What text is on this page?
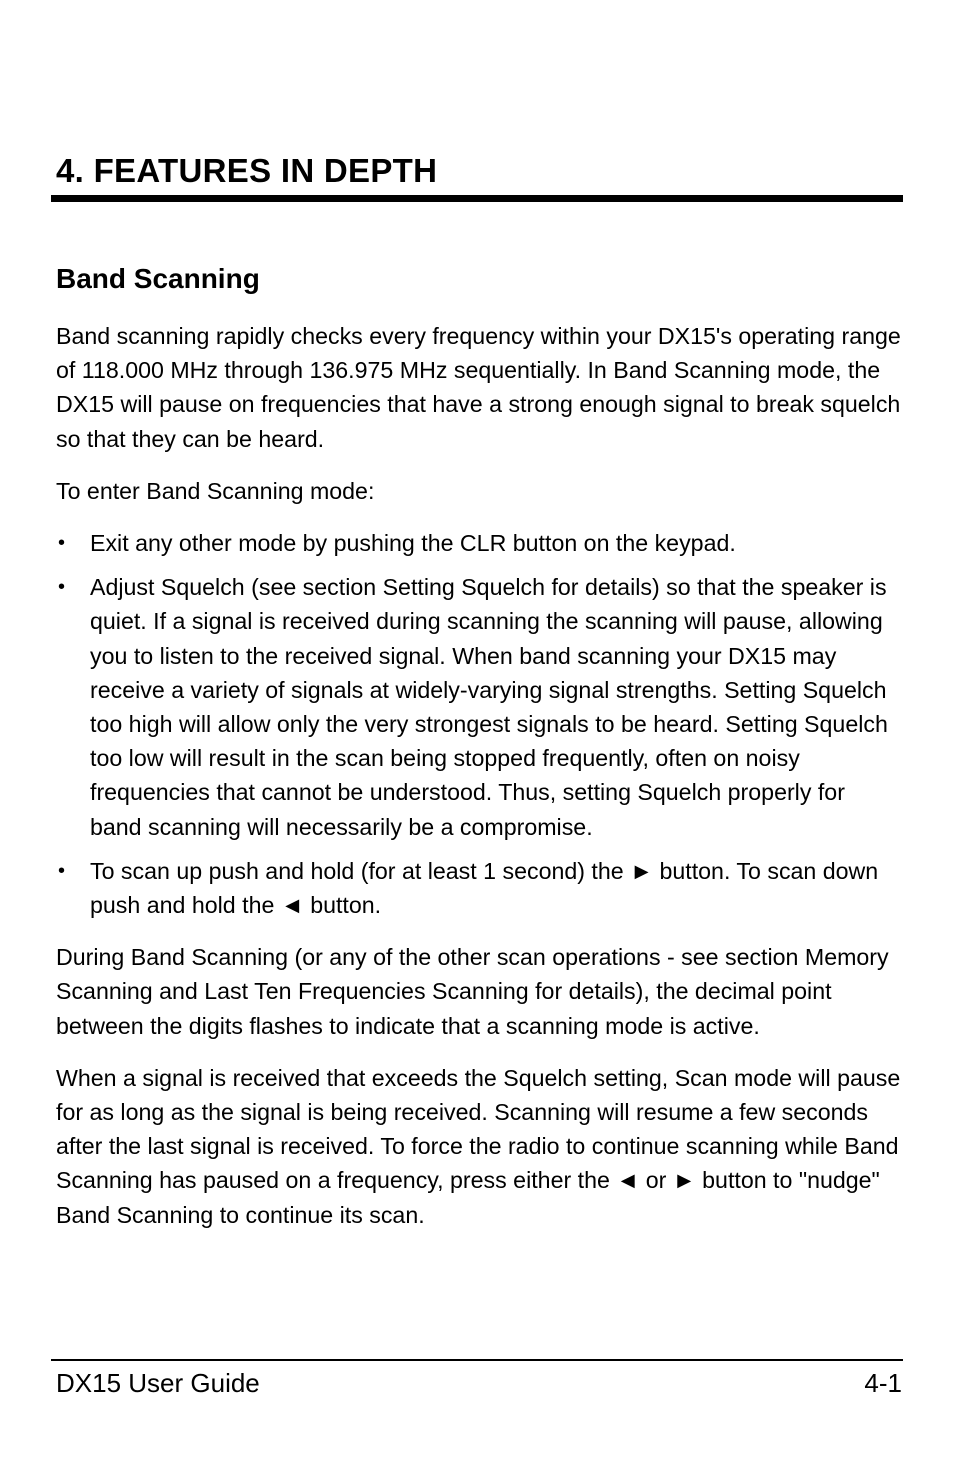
4. FEATURES IN DEPTH
Band Scanning

Band scanning rapidly checks every frequency within your DX15's operating range of 118.000 MHz through 136.975 MHz sequentially. In Band Scanning mode, the DX15 will pause on frequencies that have a strong enough signal to break squelch so that they can be heard.

To enter Band Scanning mode:

• Exit any other mode by pushing the CLR button on the keypad.
• Adjust Squelch (see section Setting Squelch for details) so that the speaker is quiet. If a signal is received during scanning the scanning will pause, allowing you to listen to the received signal. When band scanning your DX15 may receive a variety of signals at widely-varying signal strengths. Setting Squelch too high will allow only the very strongest signals to be heard. Setting Squelch too low will result in the scan being stopped frequently, often on noisy frequencies that cannot be understood. Thus, setting Squelch properly for band scanning will necessarily be a compromise.
• To scan up push and hold (for at least 1 second) the ► button. To scan down push and hold the ◄ button.

During Band Scanning (or any of the other scan operations - see section Memory Scanning and Last Ten Frequencies Scanning for details), the decimal point between the digits flashes to indicate that a scanning mode is active.

When a signal is received that exceeds the Squelch setting, Scan mode will pause for as long as the signal is being received. Scanning will resume a few seconds after the last signal is received. To force the radio to continue scanning while Band Scanning has paused on a frequency, press either the ◄ or ► button to "nudge" Band Scanning to continue its scan.

DX15 User Guide	4-1
